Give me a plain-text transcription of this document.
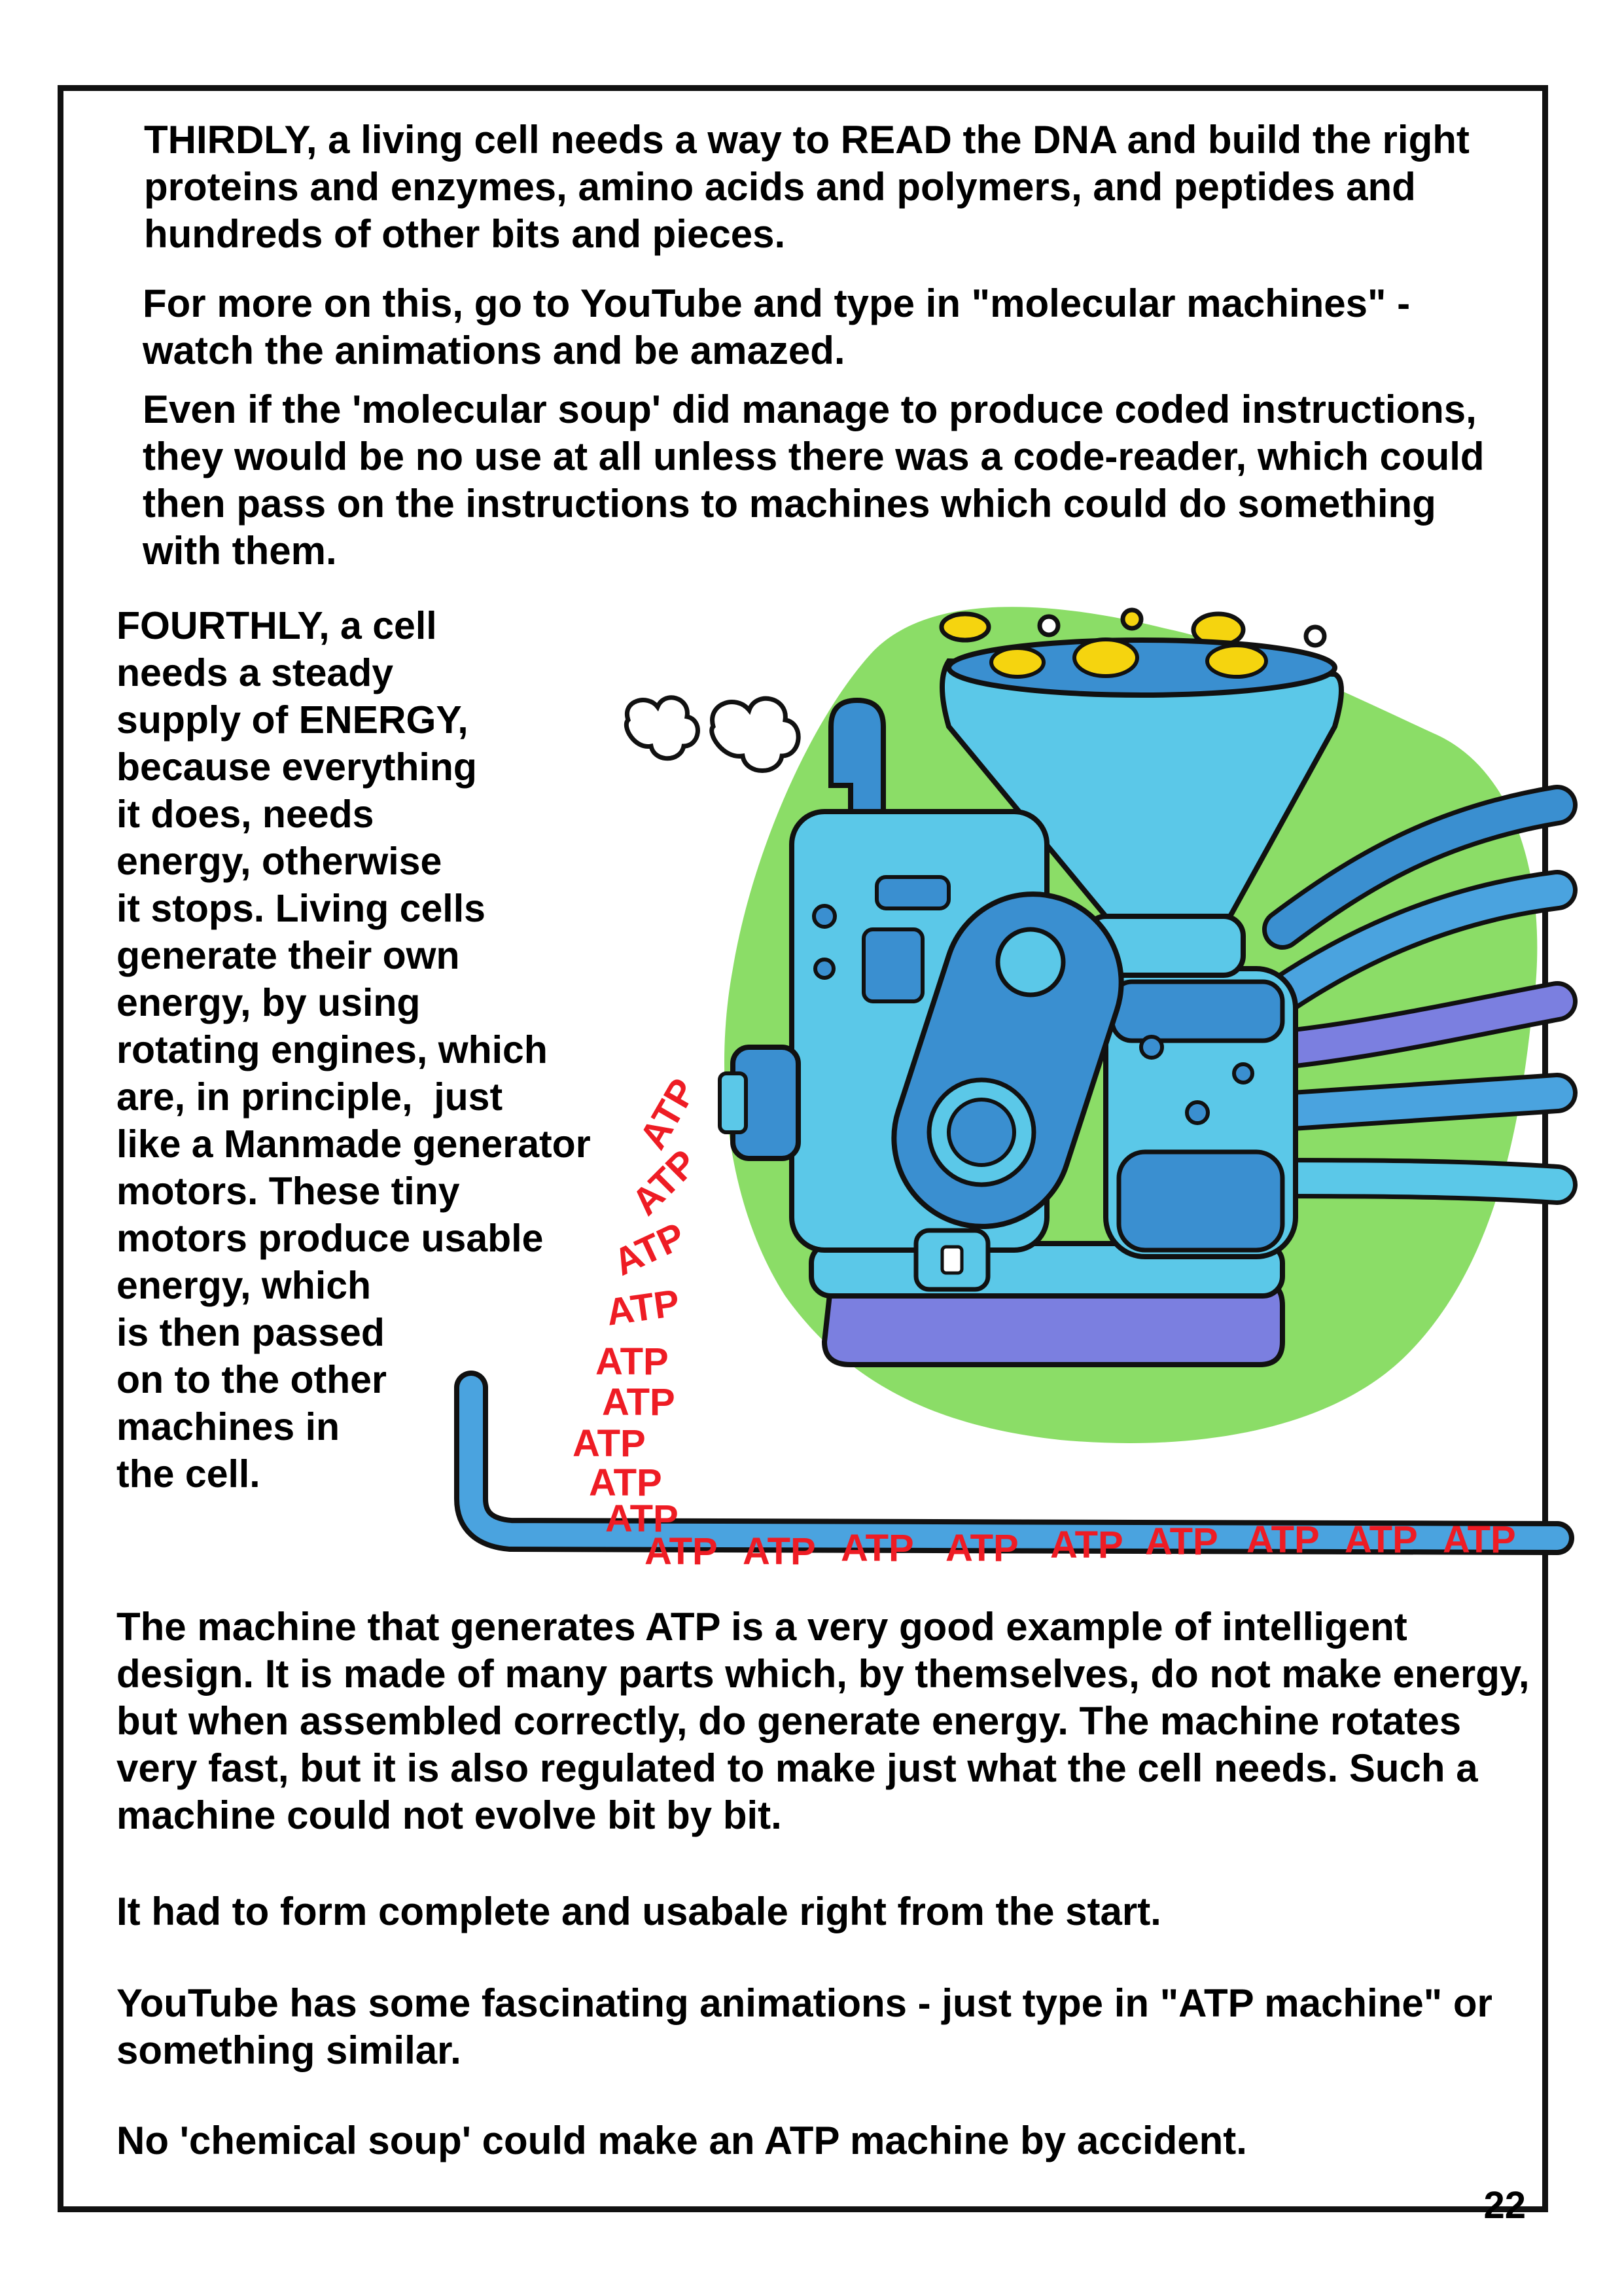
THIRDLY, a living cell needs a way to READ the DNA and build the right proteins and enzymes, amino acids and polymers, and peptides and hundreds of other bits and pieces.

For more on this, go to YouTube and type in "molecular machines" - watch the animations and be amazed.

Even if the 'molecular soup' did manage to produce coded instructions, they would be no use at all unless there was a code-reader, which could then pass on the instructions to machines which could do something with them.

FOURTHLY, a cell
needs a steady
supply of ENERGY,
because everything
it does, needs
energy, otherwise
it stops. Living cells
generate their own
energy, by using
rotating engines, which
are, in principle,  just
like a Manmade generator
motors. These tiny
motors produce usable
energy, which
is then passed
on to the other
machines in
the cell.
ATP
ATP
ATP
ATP
ATP
ATP
ATP
ATP
ATP
ATP ATP ATP ATP ATP ATP ATP ATP ATP

The machine that generates ATP is a very good example of intelligent design. It is made of many parts which, by themselves, do not make energy, but when assembled correctly, do generate energy. The machine rotates very fast, but it is also regulated to make just what the cell needs. Such a machine could not evolve bit by bit.

It had to form complete and usabale right from the start.

YouTube has some fascinating animations - just type in "ATP machine" or something similar.

No 'chemical soup' could make an ATP machine by accident.

22
